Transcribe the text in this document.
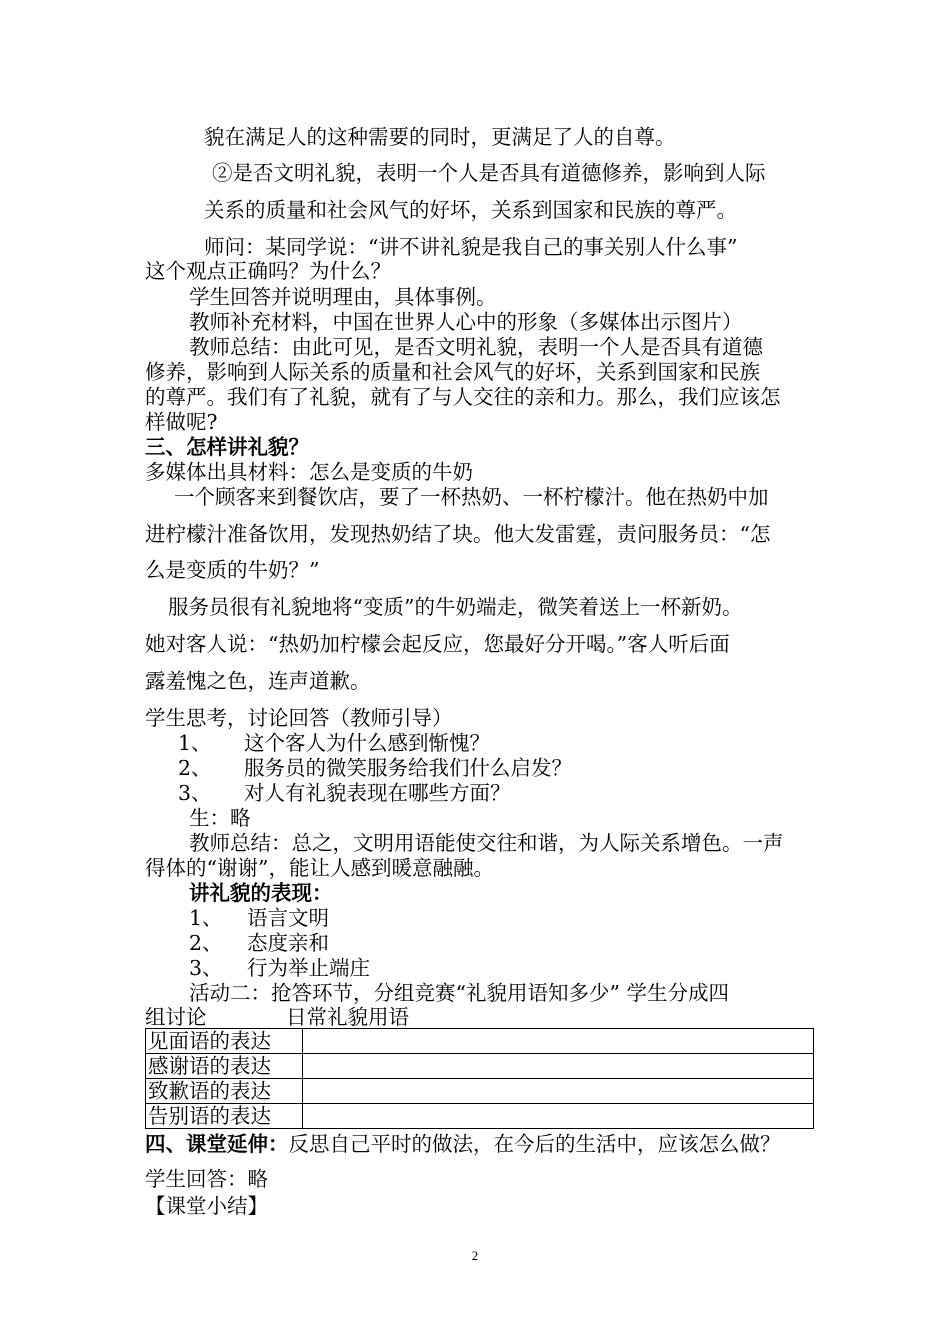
貌在满足人的这种需要的同时，更满足了人的自尊。
②是否文明礼貌，表明一个人是否具有道德修养，影响到人际
关系的质量和社会风气的好坏，关系到国家和民族的尊严。
师问：某同学说：“讲不讲礼貌是我自己的事关别人什么事”
这个观点正确吗？为什么？
学生回答并说明理由，具体事例。
教师补充材料，中国在世界人心中的形象（多媒体出示图片）
教师总结：由此可见，是否文明礼貌，表明一个人是否具有道德
修养，影响到人际关系的质量和社会风气的好坏，关系到国家和民族
的尊严。我们有了礼貌，就有了与人交往的亲和力。那么，我们应该怎
样做呢?
三、怎样讲礼貌？
多媒体出具材料：怎么是变质的牛奶
一个顾客来到餐饮店，要了一杯热奶、一杯柠檬汁。他在热奶中加
进柠檬汁准备饮用，发现热奶结了块。他大发雷霆，责问服务员：“怎
么是变质的牛奶？”
服务员很有礼貌地将“变质”的牛奶端走，微笑着送上一杯新奶。
她对客人说：“热奶加柠檬会起反应，您最好分开喝。”客人听后面
露羞愧之色，连声道歉。
学生思考，讨论回答（教师引导）
1、 这个客人为什么感到惭愧？
2、 服务员的微笑服务给我们什么启发？
3、 对人有礼貌表现在哪些方面？
生：略
教师总结：总之，文明用语能使交往和谐，为人际关系增色。一声
得体的“谢谢”，能让人感到暖意融融。
讲礼貌的表现：
1、 语言文明
2、 态度亲和
3、 行为举止端庄
活动二：抢答环节，分组竞赛“礼貌用语知多少” 学生分成四
组讨论	日常礼貌用语
见面语的表达	
感谢语的表达	
致歉语的表达	
告别语的表达	
四、课堂延伸：反思自己平时的做法，在今后的生活中，应该怎么做？
学生回答：略
【课堂小结】
2
